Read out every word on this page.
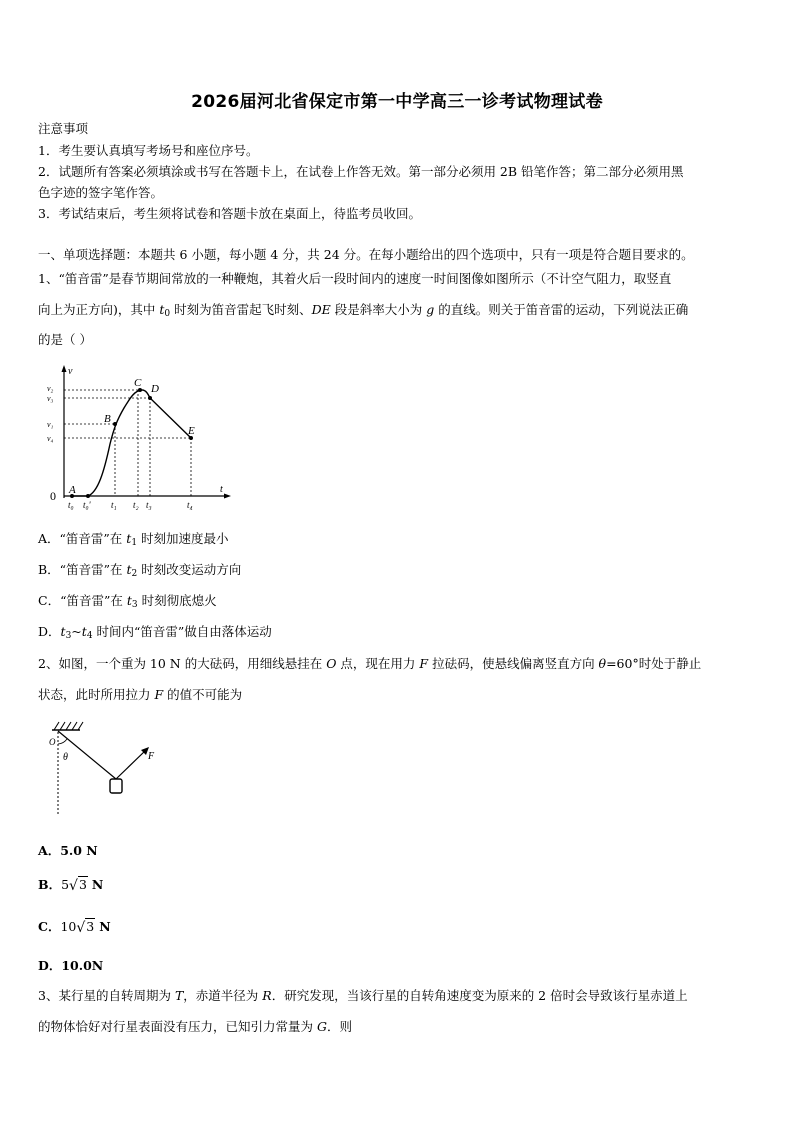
2026届河北省保定市第一中学高三一诊考试物理试卷
注意事项
1．考生要认真填写考场号和座位序号。
2．试题所有答案必须填涂或书写在答题卡上，在试卷上作答无效。第一部分必须用 2B 铅笔作答；第二部分必须用黑
色字迹的签字笔作答。
3．考试结束后，考生须将试卷和答题卡放在桌面上，待监考员收回。
一、单项选择题：本题共 6 小题，每小题 4 分，共 24 分。在每小题给出的四个选项中，只有一项是符合题目要求的。
1、“笛音雷”是春节期间常放的一种鞭炮，其着火后一段时间内的速度一时间图像如图所示（不计空气阻力，取竖直
向上为正方向)，其中 $t_0$ 时刻为笛音雷起飞时刻、DE 段是斜率大小为 g 的直线。则关于笛音雷的运动，下列说法正确
的是（ ）
v
t
0 A
B
C D
E
v₂
v₃
v₁
v₄
t₀ t₀' t₁ t₂ t₃	t₄
A．“笛音雷”在 $t_1$ 时刻加速度最小
B．“笛音雷”在 $t_2$ 时刻改变运动方向
C．“笛音雷”在 $t_3$ 时刻彻底熄火
D．$t_3\sim t_4$ 时间内“笛音雷”做自由落体运动
2、如图，一个重为 10 N 的大砝码，用细线悬挂在 O 点，现在用力 F 拉砝码，使悬线偏离竖直方向 θ=60°时处于静止
状态，此时所用拉力 F 的值不可能为
O
θ	F
A．5.0 N
B．5√3 N
C．10√3 N
D．10.0N
3、某行星的自转周期为 T，赤道半径为 R．研究发现，当该行星的自转角速度变为原来的 2 倍时会导致该行星赤道上
的物体恰好对行星表面没有压力，已知引力常量为 G．则
